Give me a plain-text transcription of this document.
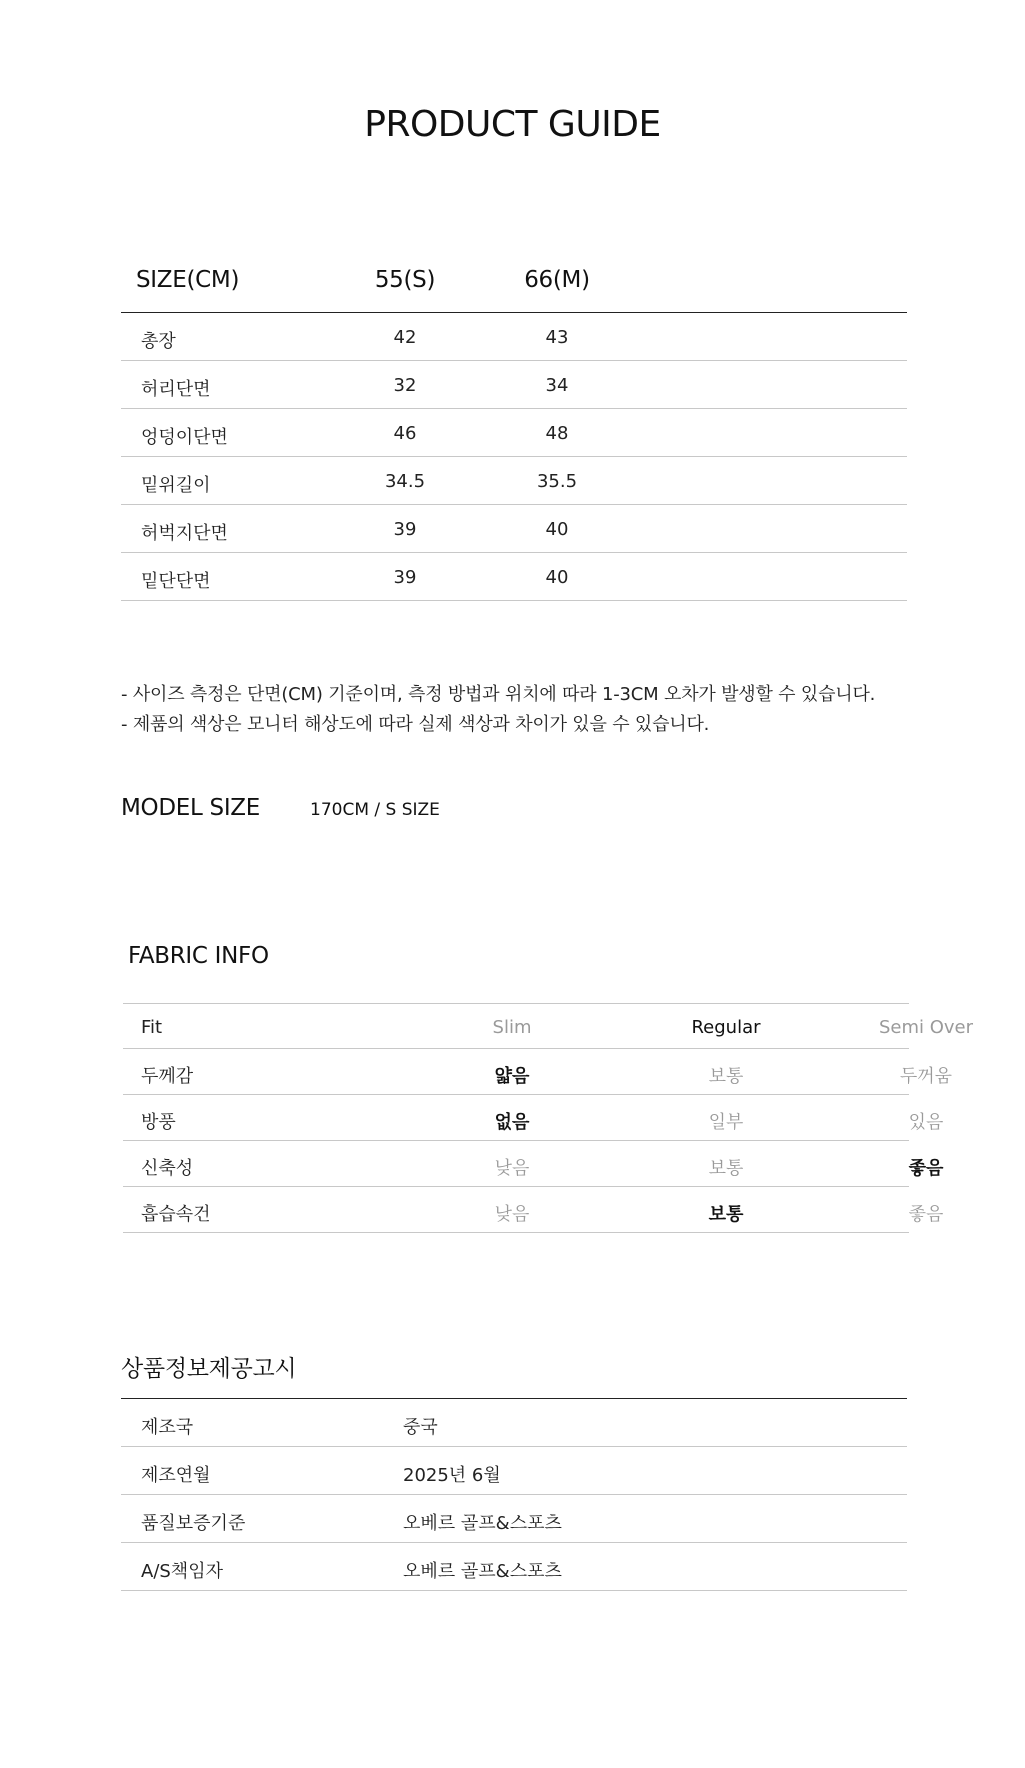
PRODUCT GUIDE
SIZE(CM)	55(S)	66(M)
총장	42	43
허리단면	32	34
엉덩이단면	46	48
밑위길이	34.5	35.5
허벅지단면	39	40
밑단단면	39	40
- 사이즈 측정은 단면(CM) 기준이며, 측정 방법과 위치에 따라 1-3CM 오차가 발생할 수 있습니다.
- 제품의 색상은 모니터 해상도에 따라 실제 색상과 차이가 있을 수 있습니다.
MODEL SIZE	170CM / S SIZE
FABRIC INFO
Fit	Slim	Regular	Semi Over
두께감	얇음	보통	두꺼움
방풍	없음	일부	있음
신축성	낮음	보통	좋음
흡습속건	낮음	보통	좋음
상품정보제공고시
제조국	중국
제조연월	2025년 6월
품질보증기준	오베르 골프&스포츠
A/S책임자	오베르 골프&스포츠
